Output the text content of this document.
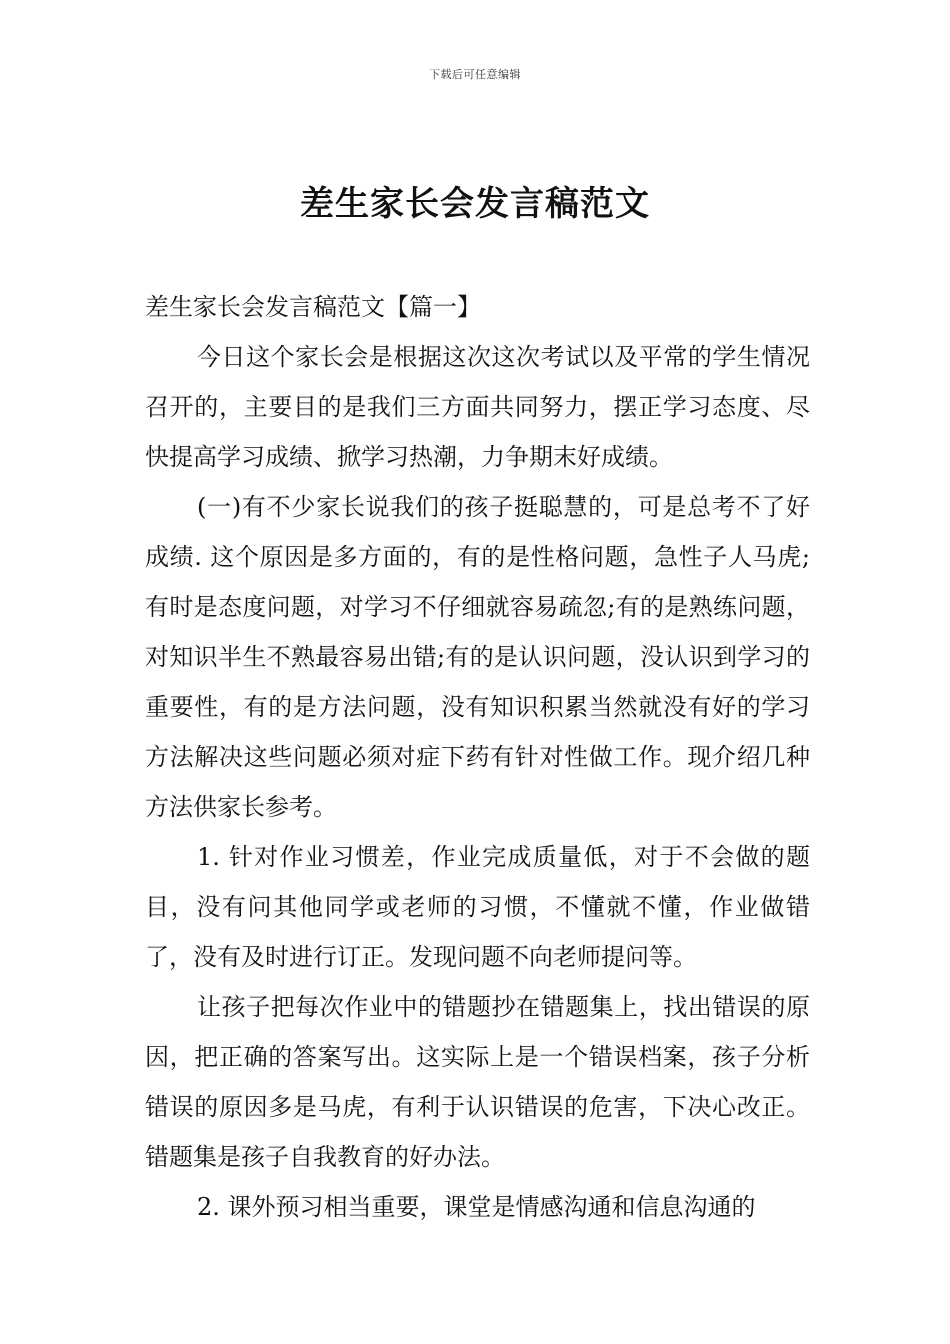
下载后可任意编辑
差生家长会发言稿范文

差生家长会发言稿范文【篇一】

今日这个家长会是根据这次这次考试以及平常的学生情况召开的，主要目的是我们三方面共同努力，摆正学习态度、尽快提高学习成绩、掀学习热潮，力争期末好成绩。

(一)有不少家长说我们的孩子挺聪慧的，可是总考不了好成绩. 这个原因是多方面的，有的是性格问题，急性子人马虎;有时是态度问题，对学习不仔细就容易疏忽;有的是熟练问题，对知识半生不熟最容易出错;有的是认识问题，没认识到学习的重要性，有的是方法问题，没有知识积累当然就没有好的学习方法解决这些问题必须对症下药有针对性做工作。现介绍几种方法供家长参考。

1. 针对作业习惯差，作业完成质量低，对于不会做的题目，没有问其他同学或老师的习惯，不懂就不懂，作业做错了，没有及时进行订正。发现问题不向老师提问等。

让孩子把每次作业中的错题抄在错题集上，找出错误的原因，把正确的答案写出。这实际上是一个错误档案，孩子分析错误的原因多是马虎，有利于认识错误的危害，下决心改正。错题集是孩子自我教育的好办法。

2. 课外预习相当重要，课堂是情感沟通和信息沟通的
